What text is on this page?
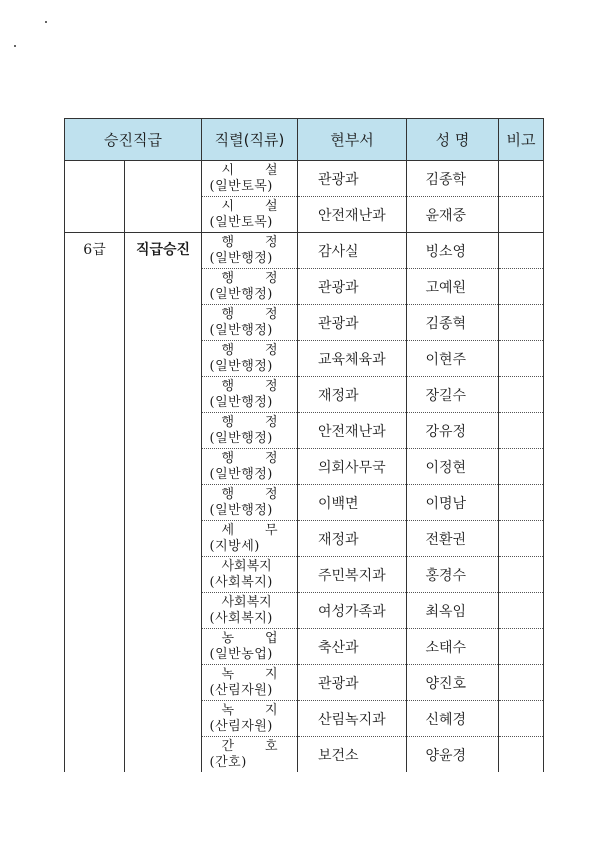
승진직급		직렬(직류)	현부서	성 명	비고

		시 설
(일반토목)	관광과	김종학	

		시 설
(일반토목)	안전재난과	윤재중	

6급	직급승진	행 정
(일반행정)	감사실	빙소영	

		행 정
(일반행정)	관광과	고예원	

		행 정
(일반행정)	관광과	김종혁	

		행 정
(일반행정)	교육체육과	이현주	

		행 정
(일반행정)	재정과	장길수	

		행 정
(일반행정)	안전재난과	강유정	

		행 정
(일반행정)	의회사무국	이정현	

		행 정
(일반행정)	이백면	이명남	

		세 무
(지방세)	재정과	전환권	

		사회복지
(사회복지)	주민복지과	홍경수	

		사회복지
(사회복지)	여성가족과	최옥임	

		농 업
(일반농업)	축산과	소태수	

		녹 지
(산림자원)	관광과	양진호	

		녹 지
(산림자원)	산림녹지과	신혜경	

		간 호
(간호)	보건소	양윤경	
